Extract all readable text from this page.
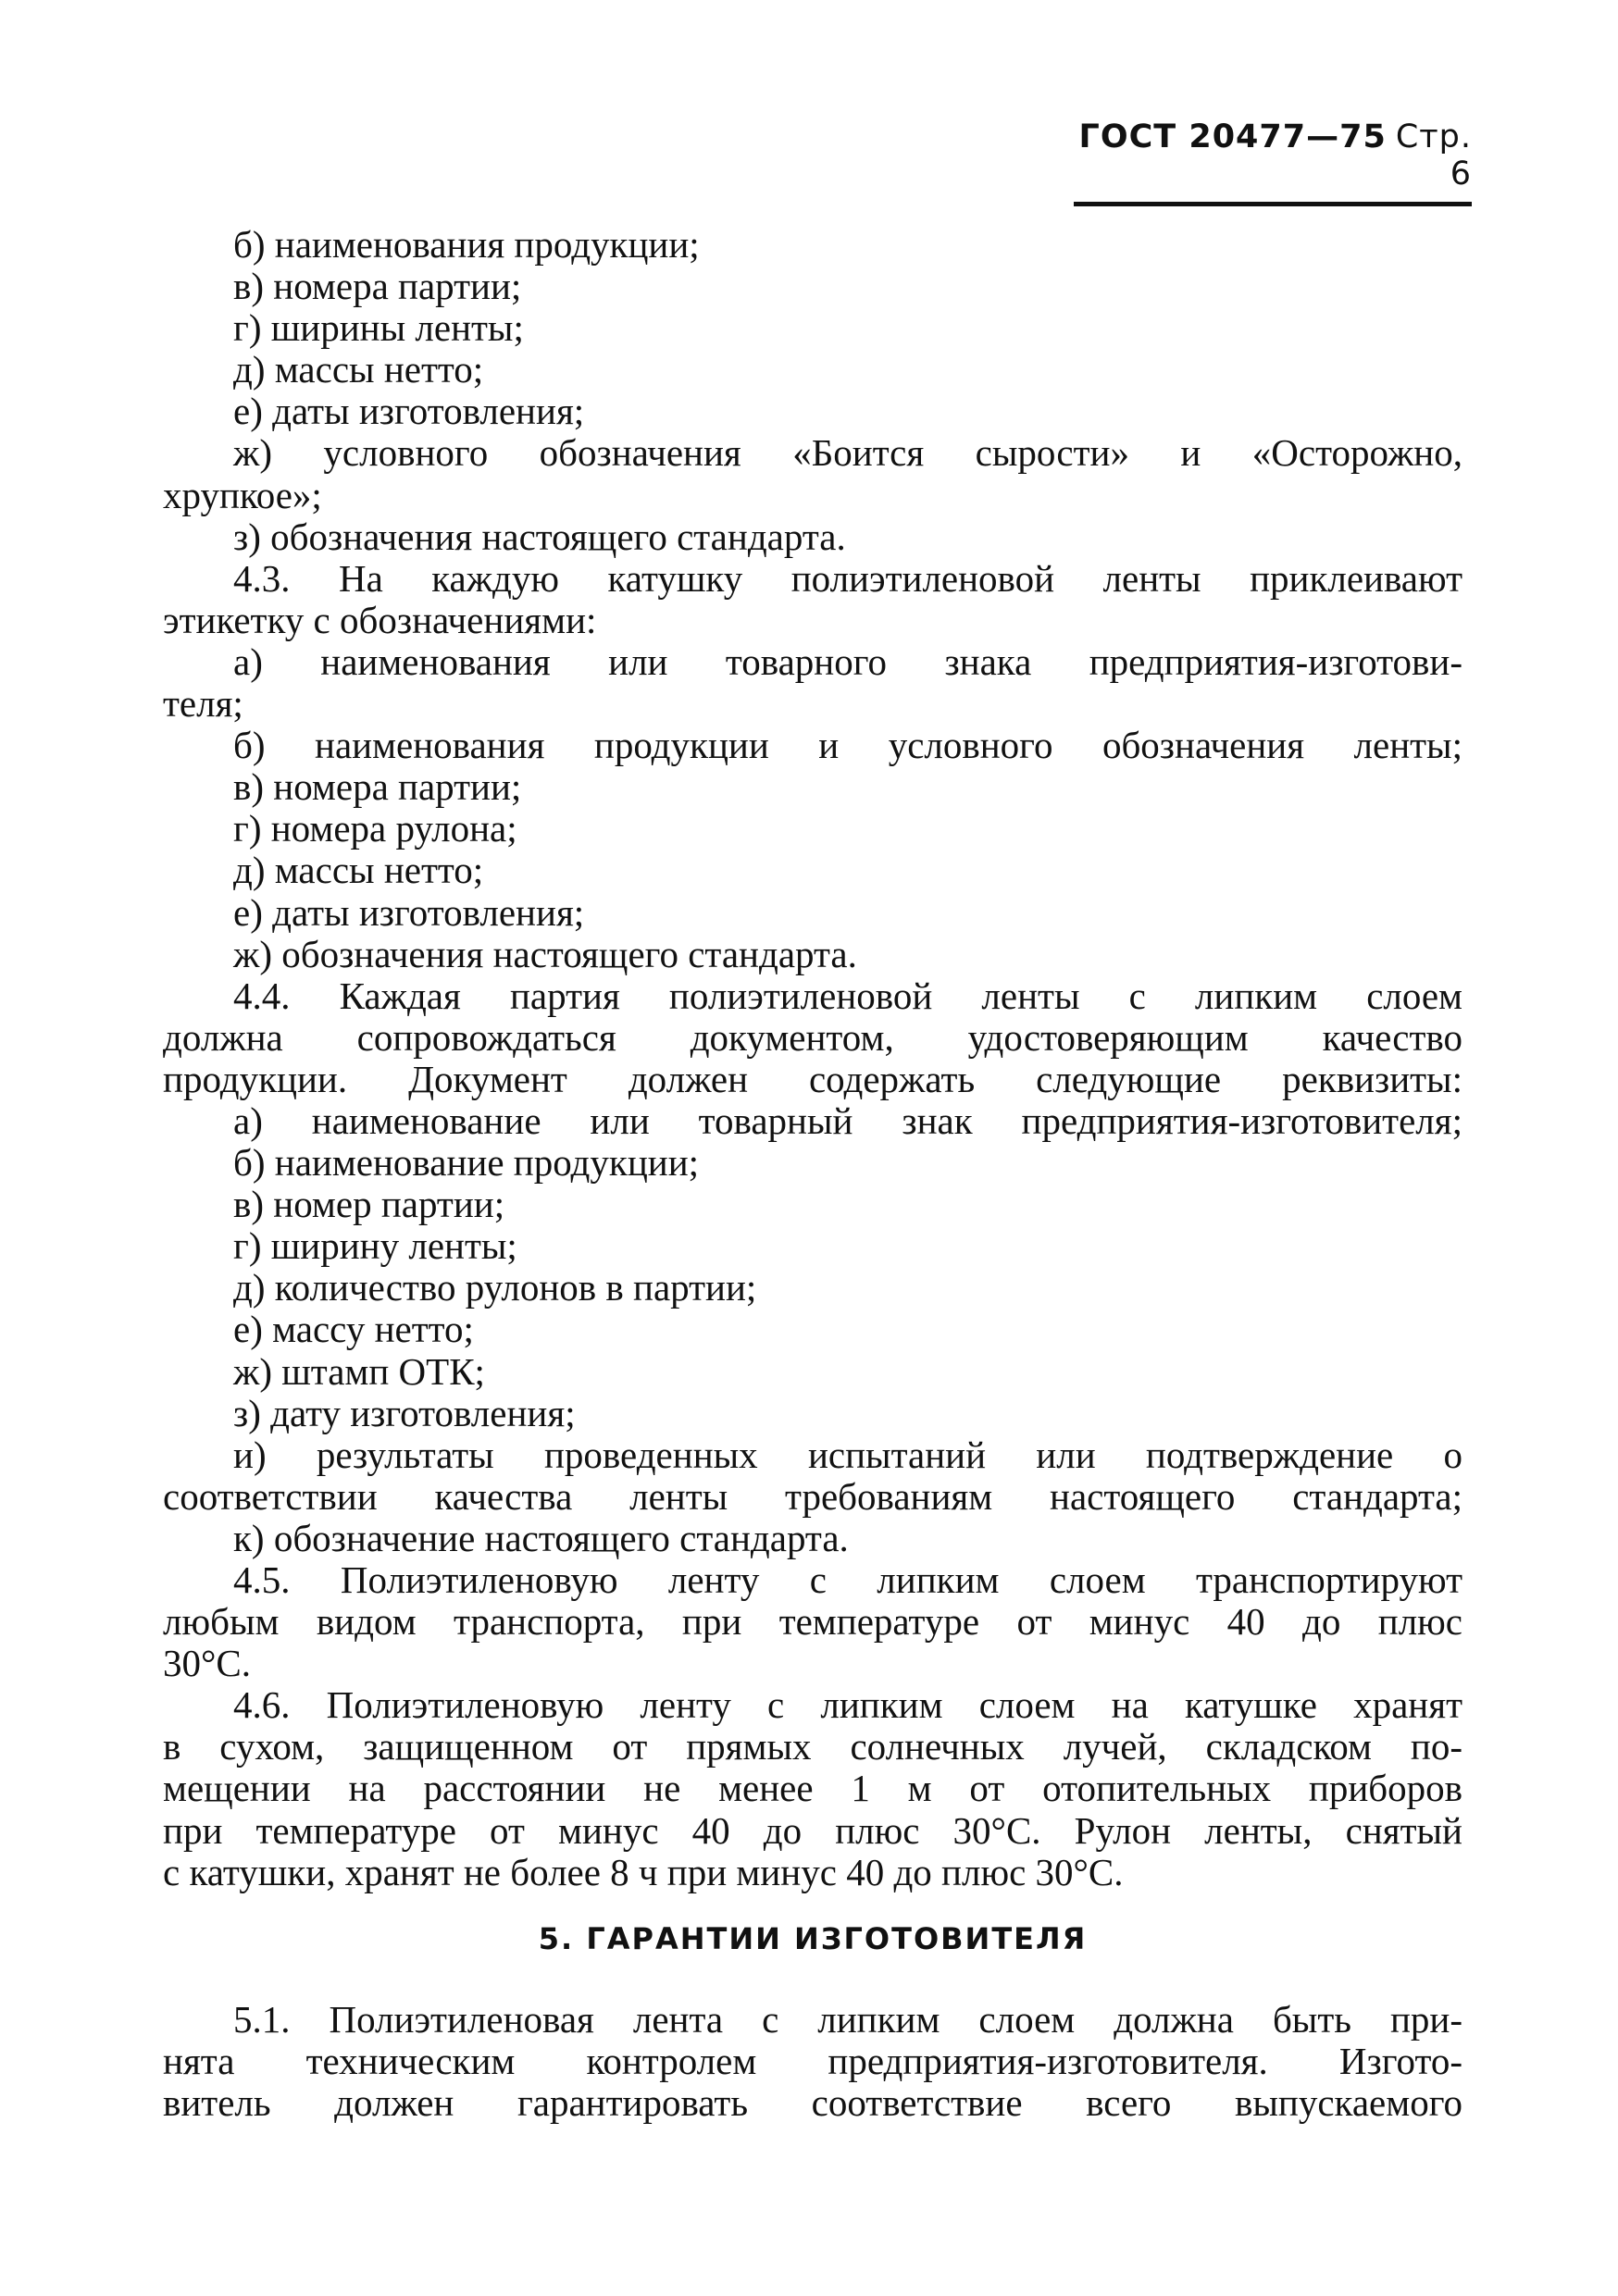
ГОСТ 20477—75 Стр. 6
б) наименования продукции;
в) номера партии;
г) ширины ленты;
д) массы нетто;
е) даты изготовления;
ж) условного обозначения «Боится сырости» и «Осторожно,
хрупкое»;
з) обозначения настоящего стандарта.
4.3. На каждую катушку полиэтиленовой ленты приклеивают
этикетку с обозначениями:
а) наименования или товарного знака предприятия-изготови-
теля;
б) наименования продукции и условного обозначения ленты;
в) номера партии;
г) номера рулона;
д) массы нетто;
е) даты изготовления;
ж) обозначения настоящего стандарта.
4.4. Каждая партия полиэтиленовой ленты с липким слоем
должна сопровождаться документом, удостоверяющим качество
продукции. Документ должен содержать следующие реквизиты:
а) наименование или товарный знак предприятия-изготовителя;
б) наименование продукции;
в) номер партии;
г) ширину ленты;
д) количество рулонов в партии;
е) массу нетто;
ж) штамп ОТК;
з) дату изготовления;
и) результаты проведенных испытаний или подтверждение о
соответствии качества ленты требованиям настоящего стандарта;
к) обозначение настоящего стандарта.
4.5. Полиэтиленовую ленту с липким слоем транспортируют
любым видом транспорта, при температуре от минус 40 до плюс
30°С.
4.6. Полиэтиленовую ленту с липким слоем на катушке хранят
в сухом, защищенном от прямых солнечных лучей, складском по-
мещении на расстоянии не менее 1 м от отопительных приборов
при температуре от минус 40 до плюс 30°С. Рулон ленты, снятый
с катушки, хранят не более 8 ч при минус 40 до плюс 30°С.
5. ГАРАНТИИ ИЗГОТОВИТЕЛЯ
5.1. Полиэтиленовая лента с липким слоем должна быть при-
нята техническим контролем предприятия-изготовителя. Изгото-
витель должен гарантировать соответствие всего выпускаемого
